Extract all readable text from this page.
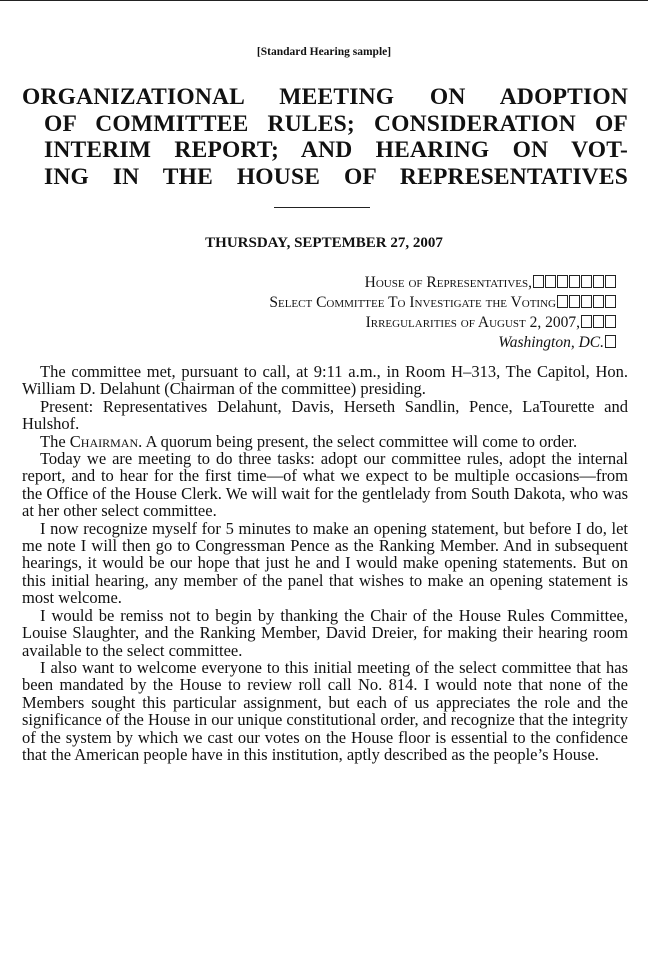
[Standard Hearing sample]
ORGANIZATIONAL MEETING ON ADOPTION
OF COMMITTEE RULES; CONSIDERATION OF
INTERIM REPORT; AND HEARING ON VOT-
ING IN THE HOUSE OF REPRESENTATIVES
THURSDAY, SEPTEMBER 27, 2007
House of Representatives,
Select Committee To Investigate the Voting
Irregularities of August 2, 2007,
Washington, DC.

The committee met, pursuant to call, at 9:11 a.m., in Room H–313, The Capitol, Hon. William D. Delahunt (Chairman of the committee) presiding.

Present: Representatives Delahunt, Davis, Herseth Sandlin, Pence, LaTourette and Hulshof.

The Chairman. A quorum being present, the select committee will come to order.

Today we are meeting to do three tasks: adopt our committee rules, adopt the internal report, and to hear for the first time—of what we expect to be multiple occasions—from the Office of the House Clerk. We will wait for the gentlelady from South Dakota, who was at her other select committee.

I now recognize myself for 5 minutes to make an opening statement, but before I do, let me note I will then go to Congressman Pence as the Ranking Member. And in subsequent hearings, it would be our hope that just he and I would make opening statements. But on this initial hearing, any member of the panel that wishes to make an opening statement is most welcome.

I would be remiss not to begin by thanking the Chair of the House Rules Committee, Louise Slaughter, and the Ranking Member, David Dreier, for making their hearing room available to the select committee.

I also want to welcome everyone to this initial meeting of the select committee that has been mandated by the House to review roll call No. 814. I would note that none of the Members sought this particular assignment, but each of us appreciates the role and the significance of the House in our unique constitutional order, and recognize that the integrity of the system by which we cast our votes on the House floor is essential to the confidence that the American people have in this institution, aptly described as the people’s House.
